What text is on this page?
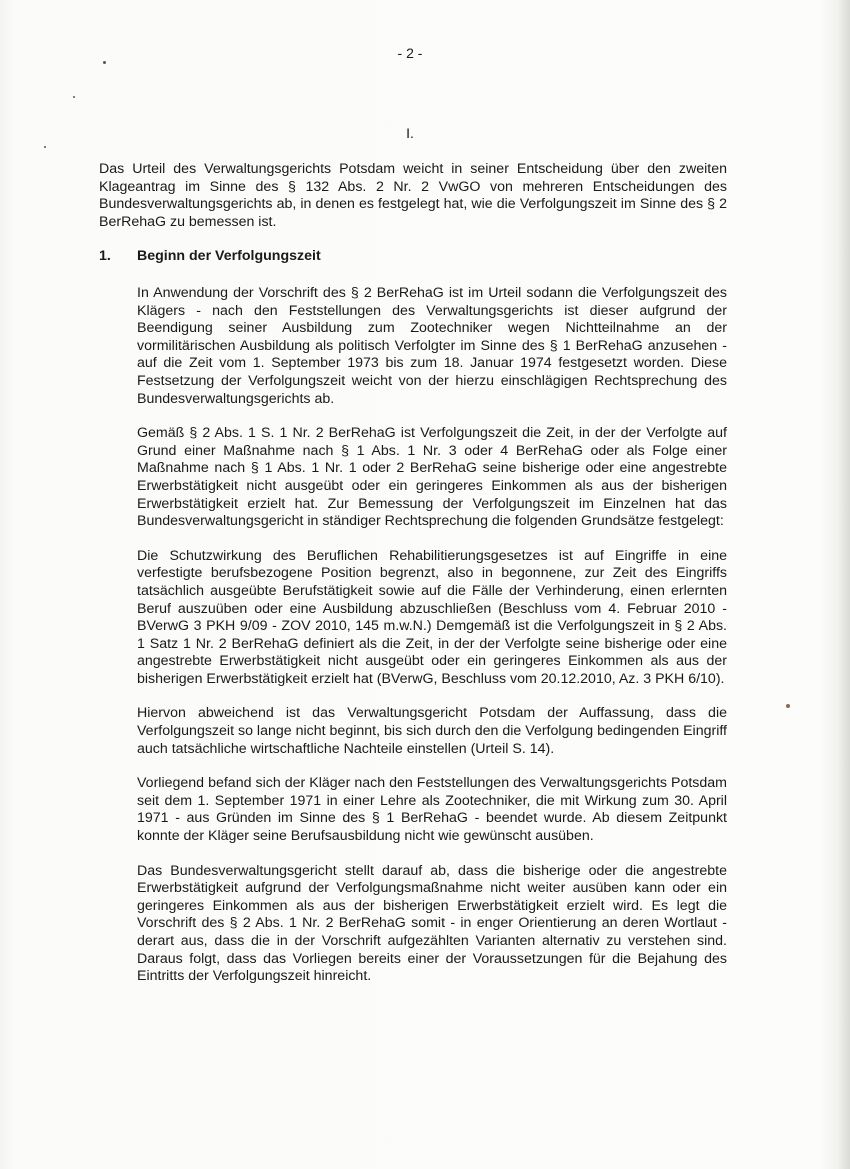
- 2 -
I.

Das Urteil des Verwaltungsgerichts Potsdam weicht in seiner Entscheidung über den zweiten Klageantrag im Sinne des § 132 Abs. 2 Nr. 2 VwGO von mehreren Entscheidungen des Bundesverwaltungsgerichts ab, in denen es festgelegt hat, wie die Verfolgungszeit im Sinne des § 2 BerRehaG zu bemessen ist.

1. Beginn der Verfolgungszeit

In Anwendung der Vorschrift des § 2 BerRehaG ist im Urteil sodann die Verfolgungszeit des Klägers - nach den Feststellungen des Verwaltungsgerichts ist dieser aufgrund der Beendigung seiner Ausbildung zum Zootechniker wegen Nichtteilnahme an der vormilitärischen Ausbildung als politisch Verfolgter im Sinne des § 1 BerRehaG anzusehen - auf die Zeit vom 1. September 1973 bis zum 18. Januar 1974 festgesetzt worden. Diese Festsetzung der Verfolgungszeit weicht von der hierzu einschlägigen Rechtsprechung des Bundesverwaltungsgerichts ab.

Gemäß § 2 Abs. 1 S. 1 Nr. 2 BerRehaG ist Verfolgungszeit die Zeit, in der der Verfolgte auf Grund einer Maßnahme nach § 1 Abs. 1 Nr. 3 oder 4 BerRehaG oder als Folge einer Maßnahme nach § 1 Abs. 1 Nr. 1 oder 2 BerRehaG seine bisherige oder eine angestrebte Erwerbstätigkeit nicht ausgeübt oder ein geringeres Einkommen als aus der bisherigen Erwerbstätigkeit erzielt hat. Zur Bemessung der Verfolgungszeit im Einzelnen hat das Bundesverwaltungsgericht in ständiger Rechtsprechung die folgenden Grundsätze festgelegt:

Die Schutzwirkung des Beruflichen Rehabilitierungsgesetzes ist auf Eingriffe in eine verfestigte berufsbezogene Position begrenzt, also in begonnene, zur Zeit des Eingriffs tatsächlich ausgeübte Berufstätigkeit sowie auf die Fälle der Verhinderung, einen erlernten Beruf auszuüben oder eine Ausbildung abzuschließen (Beschluss vom 4. Februar 2010 - BVerwG 3 PKH 9/09 - ZOV 2010, 145 m.w.N.) Demgemäß ist die Verfolgungszeit in § 2 Abs. 1 Satz 1 Nr. 2 BerRehaG definiert als die Zeit, in der der Verfolgte seine bisherige oder eine angestrebte Erwerbstätigkeit nicht ausgeübt oder ein geringeres Einkommen als aus der bisherigen Erwerbstätigkeit erzielt hat (BVerwG, Beschluss vom 20.12.2010, Az. 3 PKH 6/10).

Hiervon abweichend ist das Verwaltungsgericht Potsdam der Auffassung, dass die Verfolgungszeit so lange nicht beginnt, bis sich durch den die Verfolgung bedingenden Eingriff auch tatsächliche wirtschaftliche Nachteile einstellen (Urteil S. 14).

Vorliegend befand sich der Kläger nach den Feststellungen des Verwaltungsgerichts Potsdam seit dem 1. September 1971 in einer Lehre als Zootechniker, die mit Wirkung zum 30. April 1971 - aus Gründen im Sinne des § 1 BerRehaG - beendet wurde. Ab diesem Zeitpunkt konnte der Kläger seine Berufsausbildung nicht wie gewünscht ausüben.

Das Bundesverwaltungsgericht stellt darauf ab, dass die bisherige oder die angestrebte Erwerbstätigkeit aufgrund der Verfolgungsmaßnahme nicht weiter ausüben kann oder ein geringeres Einkommen als aus der bisherigen Erwerbstätigkeit erzielt wird. Es legt die Vorschrift des § 2 Abs. 1 Nr. 2 BerRehaG somit - in enger Orientierung an deren Wortlaut - derart aus, dass die in der Vorschrift aufgezählten Varianten alternativ zu verstehen sind. Daraus folgt, dass das Vorliegen bereits einer der Voraussetzungen für die Bejahung des Eintritts der Verfolgungszeit hinreicht.
